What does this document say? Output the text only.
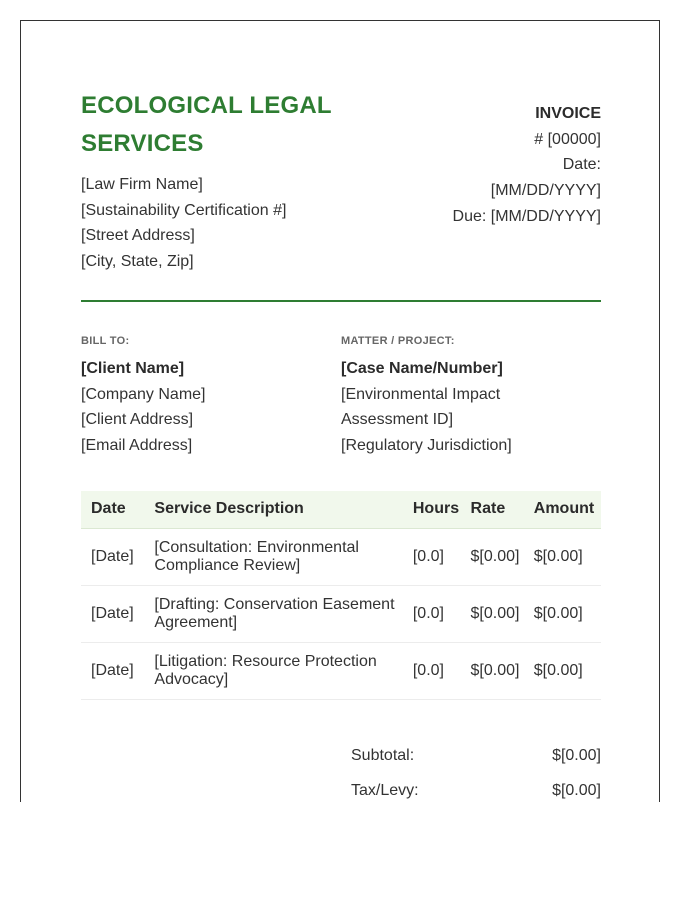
ECOLOGICAL LEGAL SERVICES
[Law Firm Name]
[Sustainability Certification #]
[Street Address]
[City, State, Zip]
INVOICE
# [00000]
Date:
[MM/DD/YYYY]
Due: [MM/DD/YYYY]
BILL TO:
[Client Name]
[Company Name]
[Client Address]
[Email Address]
MATTER / PROJECT:
[Case Name/Number]
[Environmental Impact
Assessment ID]
[Regulatory Jurisdiction]
Date	Service Description	Hours	Rate	Amount
[Date]	[Consultation: Environmental Compliance Review]	[0.0]	$[0.00]	$[0.00]
[Date]	[Drafting: Conservation Easement Agreement]	[0.0]	$[0.00]	$[0.00]
[Date]	[Litigation: Resource Protection Advocacy]	[0.0]	$[0.00]	$[0.00]
Subtotal:	$[0.00]
Tax/Levy:	$[0.00]
